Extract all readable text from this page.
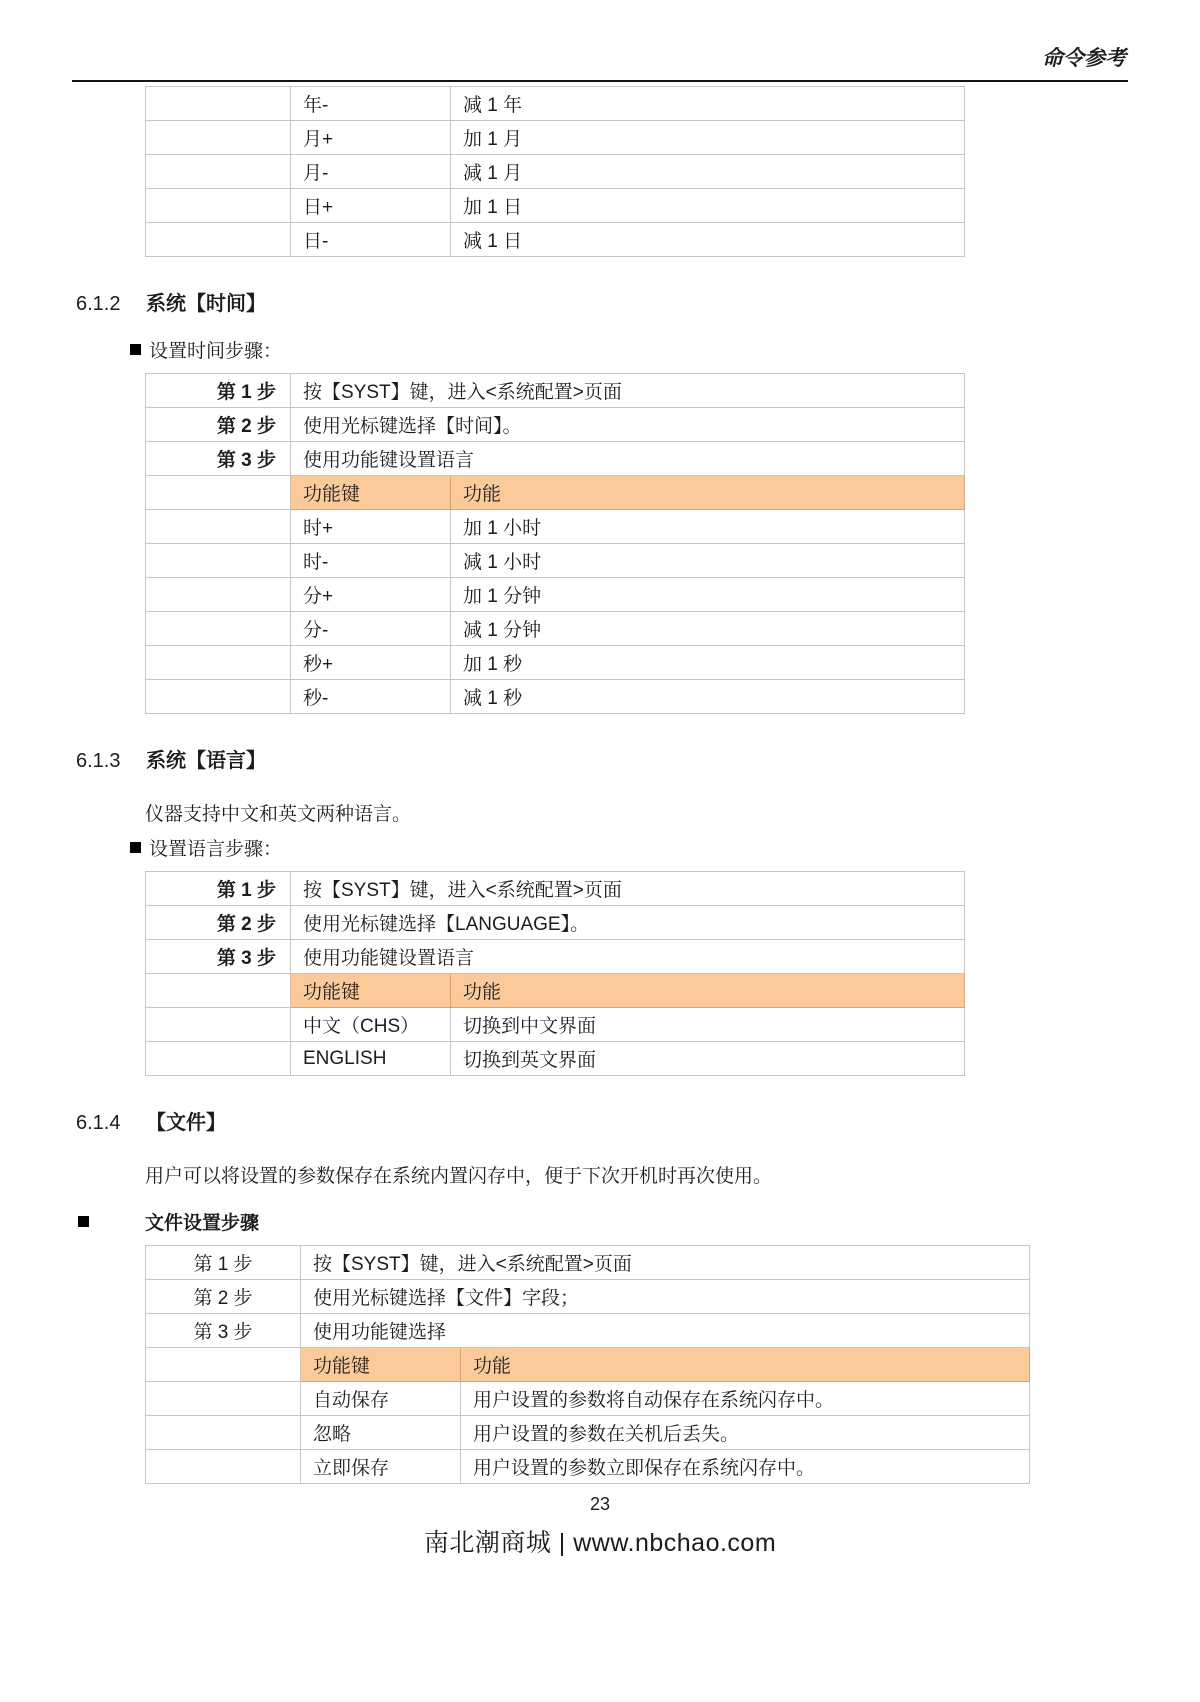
命令参考
	年-	减 1 年
	月+	加 1 月
	月-	减 1 月
	日+	加 1 日
	日-	减 1 日
6.1.2	系统【时间】
设置时间步骤：
第 1 步	按【SYST】键，进入<系统配置>页面	
第 2 步	使用光标键选择【时间】。	
第 3 步	使用功能键设置语言	
	功能键	功能
	时+	加 1 小时
	时-	减 1 小时
	分+	加 1 分钟
	分-	减 1 分钟
	秒+	加 1 秒
	秒-	减 1 秒
6.1.3	系统【语言】

仪器支持中文和英文两种语言。

设置语言步骤：
第 1 步	按【SYST】键，进入<系统配置>页面	
第 2 步	使用光标键选择【LANGUAGE】。	
第 3 步	使用功能键设置语言	
	功能键	功能
	中文（CHS）	切换到中文界面
	ENGLISH	切换到英文界面
6.1.4	【文件】

用户可以将设置的参数保存在系统内置闪存中，便于下次开机时再次使用。

文件设置步骤
第 1 步	按【SYST】键，进入<系统配置>页面	
第 2 步	使用光标键选择【文件】字段；	
第 3 步	使用功能键选择	
	功能键	功能
	自动保存	用户设置的参数将自动保存在系统闪存中。
	忽略	用户设置的参数在关机后丢失。
	立即保存	用户设置的参数立即保存在系统闪存中。
23
南北潮商城 | www.nbchao.com
